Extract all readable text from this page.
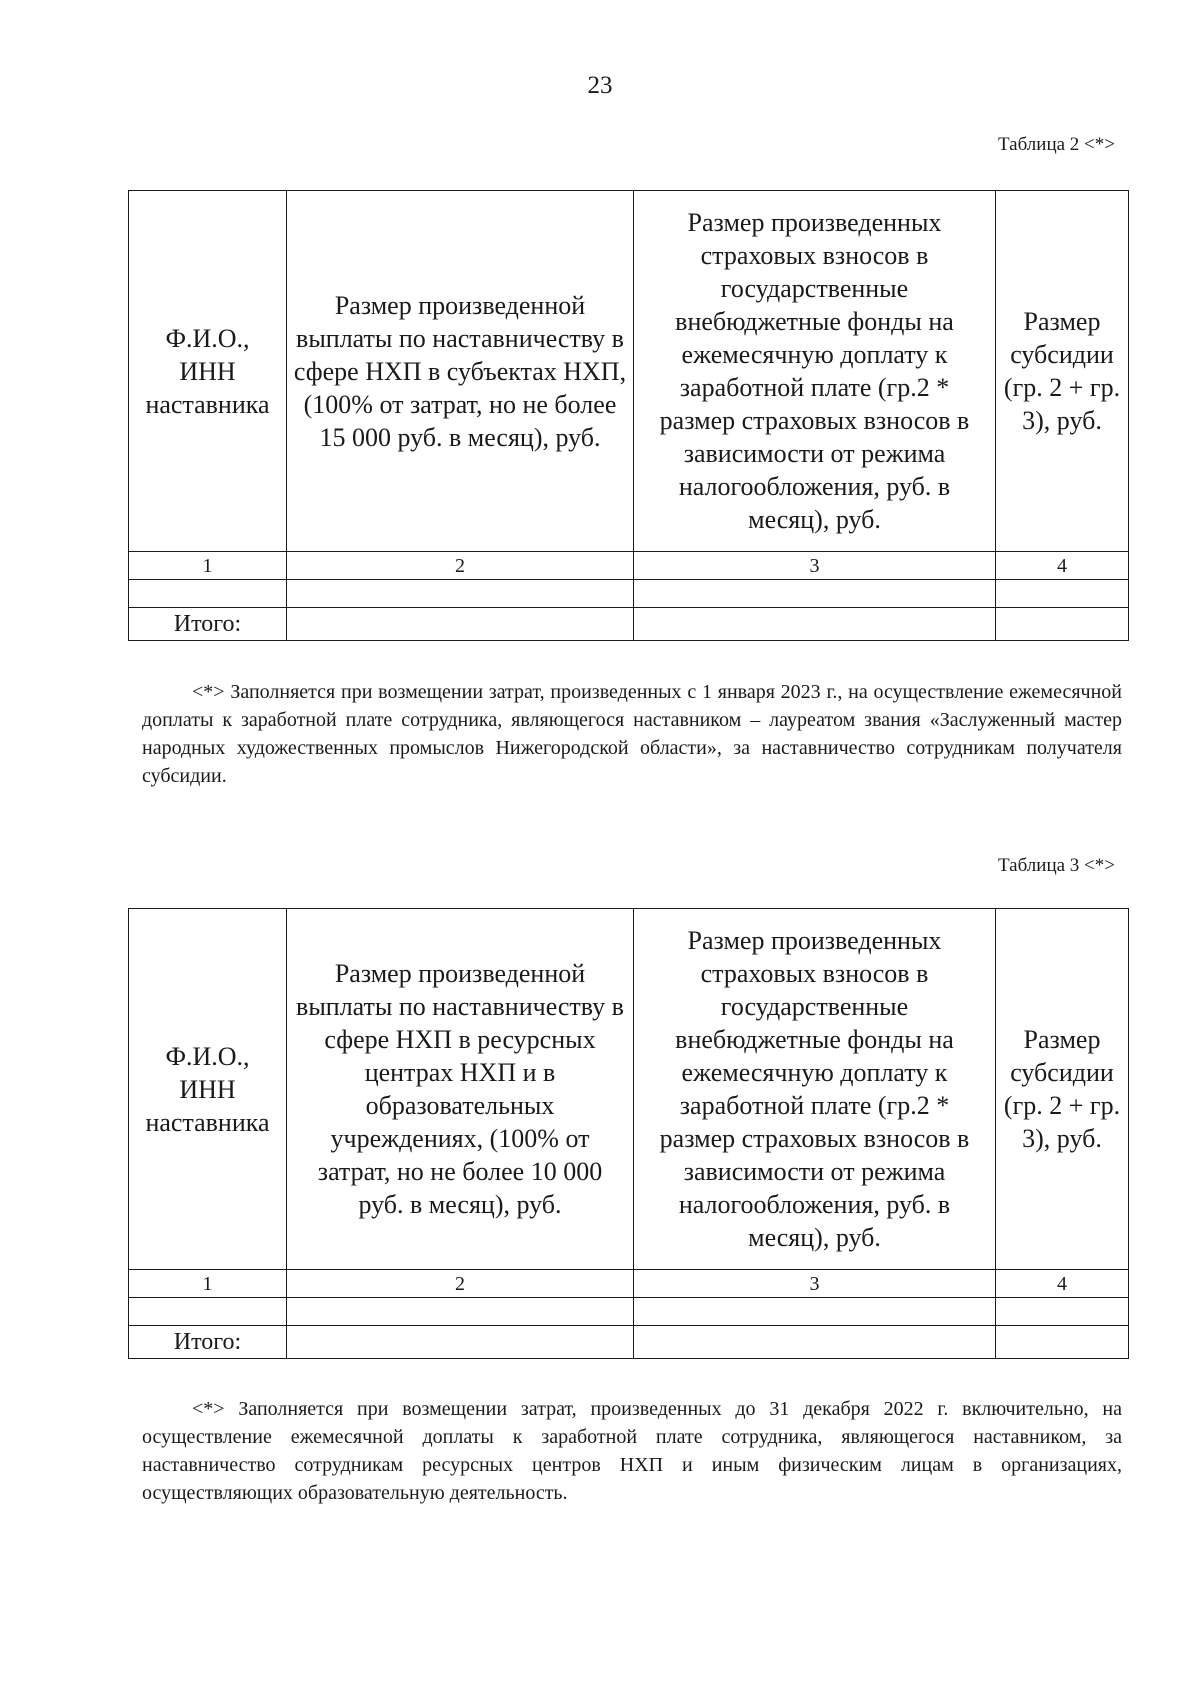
23
Таблица 2 <*>
Ф.И.О., ИНН наставника	Размер произведенной выплаты по наставничеству в сфере НХП в субъектах НХП, (100% от затрат, но не более 15 000 руб. в месяц), руб.	Размер произведенных страховых взносов в государственные внебюджетные фонды на ежемесячную доплату к заработной плате (гр.2 * размер страховых взносов в зависимости от режима налогообложения, руб. в месяц), руб.	Размер субсидии (гр. 2 + гр. 3), руб.
1	2	3	4

Итого:			
<*> Заполняется при возмещении затрат, произведенных с 1 января 2023 г., на осуществление ежемесячной доплаты к заработной плате сотрудника, являющегося наставником – лауреатом звания «Заслуженный мастер народных художественных промыслов Нижегородской области», за наставничество сотрудникам получателя субсидии.
Таблица 3 <*>
Ф.И.О., ИНН наставника	Размер произведенной выплаты по наставничеству в сфере НХП в ресурсных центрах НХП и в образовательных учреждениях, (100% от затрат, но не более 10 000 руб. в месяц), руб.	Размер произведенных страховых взносов в государственные внебюджетные фонды на ежемесячную доплату к заработной плате (гр.2 * размер страховых взносов в зависимости от режима налогообложения, руб. в месяц), руб.	Размер субсидии (гр. 2 + гр. 3), руб.
1	2	3	4

Итого:			
<*> Заполняется при возмещении затрат, произведенных до 31 декабря 2022 г. включительно, на осуществление ежемесячной доплаты к заработной плате сотрудника, являющегося наставником, за наставничество сотрудникам ресурсных центров НХП и иным физическим лицам в организациях, осуществляющих образовательную деятельность.
